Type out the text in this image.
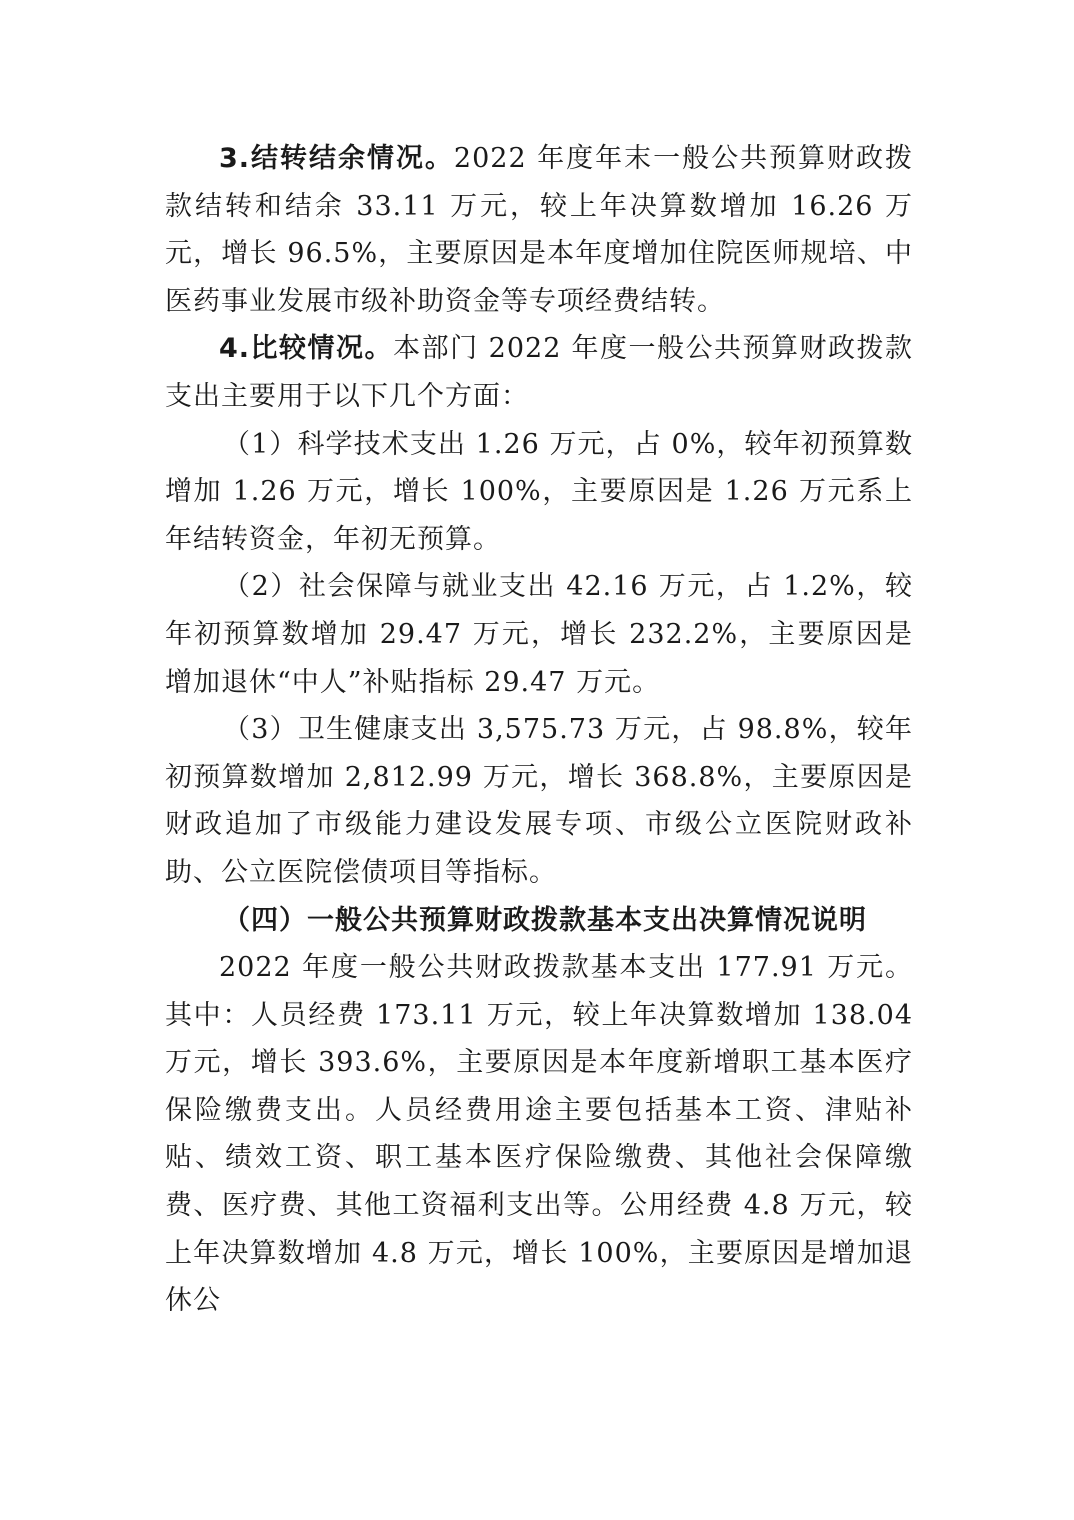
3.结转结余情况。2022 年度年末一般公共预算财政拨款结转和结余 33.11 万元，较上年决算数增加 16.26 万元，增长 96.5%，主要原因是本年度增加住院医师规培、中医药事业发展市级补助资金等专项经费结转。

4.比较情况。本部门 2022 年度一般公共预算财政拨款支出主要用于以下几个方面：

（1）科学技术支出 1.26 万元，占 0%，较年初预算数增加 1.26 万元，增长 100%，主要原因是 1.26 万元系上年结转资金，年初无预算。

（2）社会保障与就业支出 42.16 万元，占 1.2%，较年初预算数增加 29.47 万元，增长 232.2%，主要原因是增加退休“中人”补贴指标 29.47 万元。

（3）卫生健康支出 3,575.73 万元，占 98.8%，较年初预算数增加 2,812.99 万元，增长 368.8%，主要原因是财政追加了市级能力建设发展专项、市级公立医院财政补助、公立医院偿债项目等指标。

（四）一般公共预算财政拨款基本支出决算情况说明

2022 年度一般公共财政拨款基本支出 177.91 万元。其中：人员经费 173.11 万元，较上年决算数增加 138.04 万元，增长 393.6%，主要原因是本年度新增职工基本医疗保险缴费支出。人员经费用途主要包括基本工资、津贴补贴、绩效工资、职工基本医疗保险缴费、其他社会保障缴费、医疗费、其他工资福利支出等。公用经费 4.8 万元，较上年决算数增加 4.8 万元，增长 100%，主要原因是增加退休公
